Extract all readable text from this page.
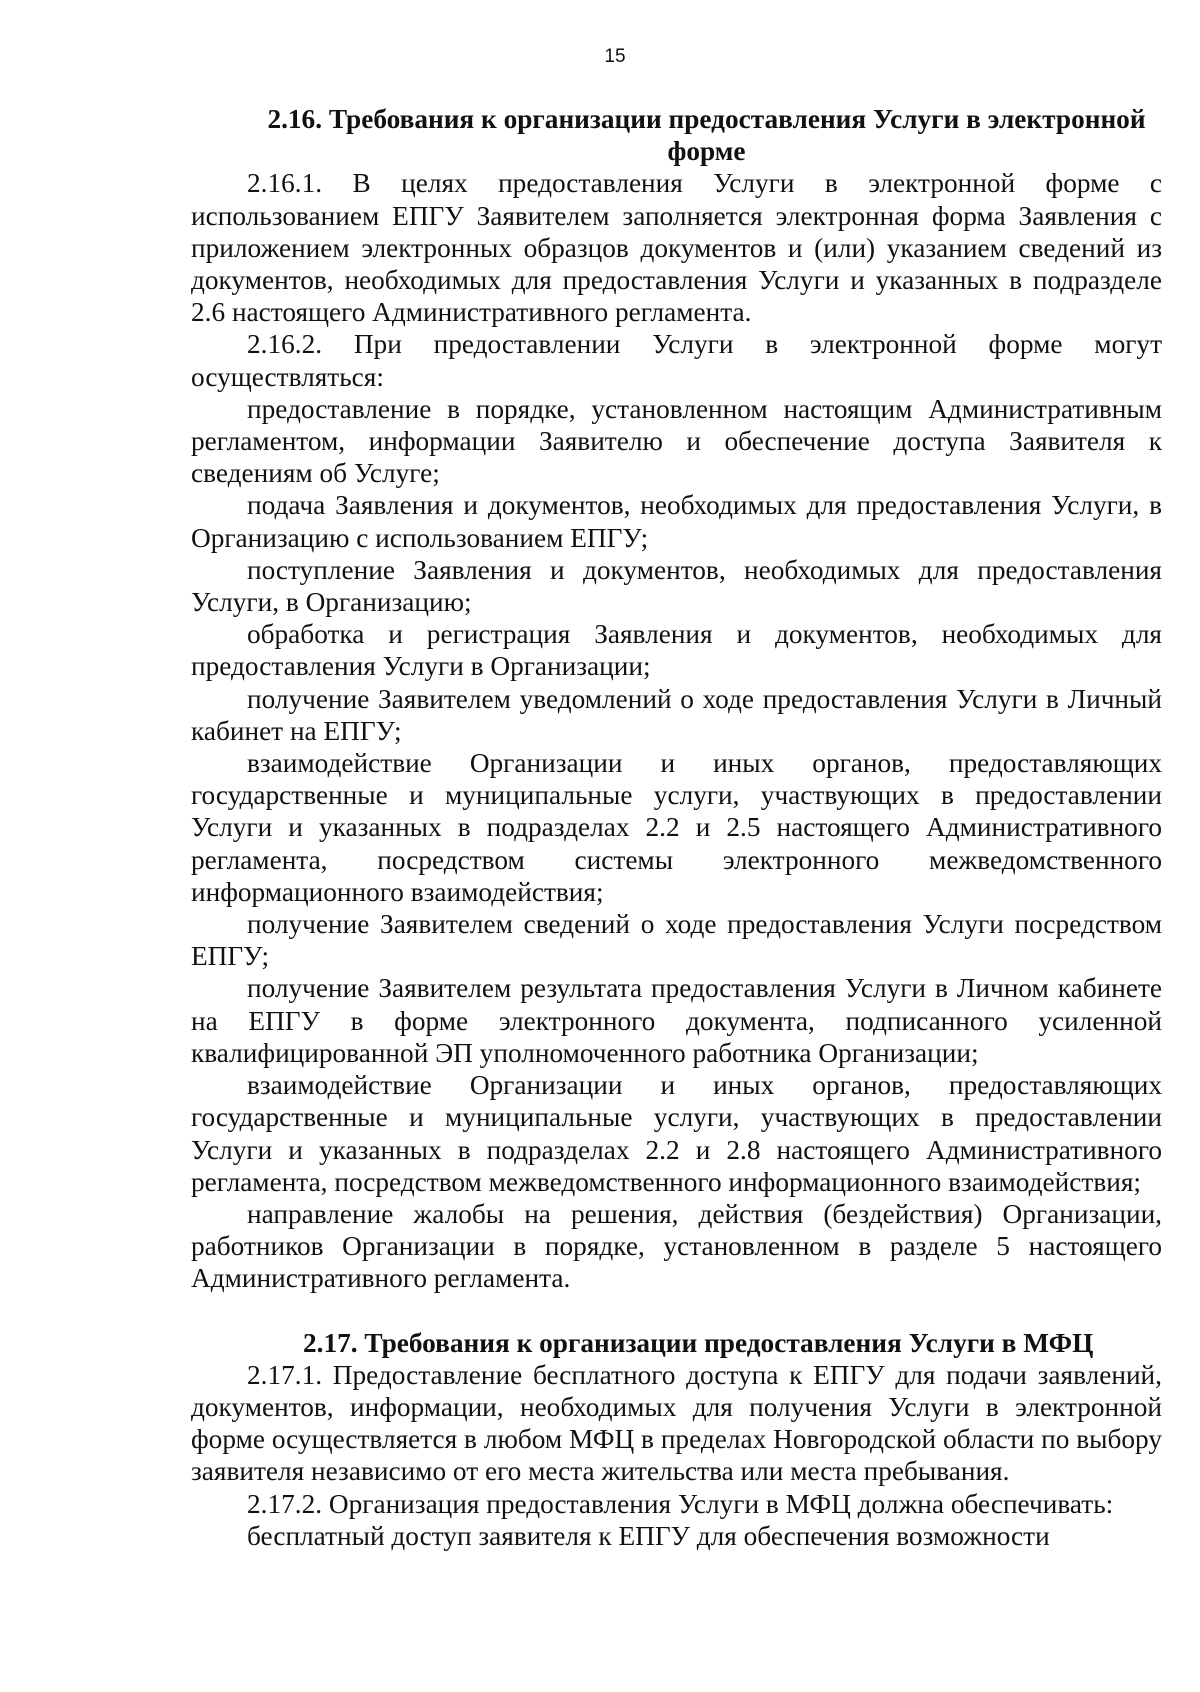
15
2.16. Требования к организации предоставления Услуги в электронной форме

2.16.1. В целях предоставления Услуги в электронной форме с использованием ЕПГУ Заявителем заполняется электронная форма Заявления с приложением электронных образцов документов и (или) указанием сведений из документов, необходимых для предоставления Услуги и указанных в подразделе 2.6 настоящего Административного регламента.

2.16.2. При предоставлении Услуги в электронной форме могут осуществляться:

предоставление в порядке, установленном настоящим Административным регламентом, информации Заявителю и обеспечение доступа Заявителя к сведениям об Услуге;

подача Заявления и документов, необходимых для предоставления Услуги, в Организацию с использованием ЕПГУ;

поступление Заявления и документов, необходимых для предоставления Услуги, в Организацию;

обработка и регистрация Заявления и документов, необходимых для предоставления Услуги в Организации;

получение Заявителем уведомлений о ходе предоставления Услуги в Личный кабинет на ЕПГУ;

взаимодействие Организации и иных органов, предоставляющих государственные и муниципальные услуги, участвующих в предоставлении Услуги и указанных в подразделах 2.2 и 2.5 настоящего Административного регламента, посредством системы электронного межведомственного информационного взаимодействия;

получение Заявителем сведений о ходе предоставления Услуги посредством ЕПГУ;

получение Заявителем результата предоставления Услуги в Личном кабинете на ЕПГУ в форме электронного документа, подписанного усиленной квалифицированной ЭП уполномоченного работника Организации;

взаимодействие Организации и иных органов, предоставляющих государственные и муниципальные услуги, участвующих в предоставлении Услуги и указанных в подразделах 2.2 и 2.8 настоящего Административного регламента, посредством межведомственного информационного взаимодействия;

направление жалобы на решения, действия (бездействия) Организации, работников Организации в порядке, установленном в разделе 5 настоящего Административного регламента.

2.17. Требования к организации предоставления Услуги в МФЦ

2.17.1. Предоставление бесплатного доступа к ЕПГУ для подачи заявлений, документов, информации, необходимых для получения Услуги в электронной форме осуществляется в любом МФЦ в пределах Новгородской области по выбору заявителя независимо от его места жительства или места пребывания.

2.17.2. Организация предоставления Услуги в МФЦ должна обеспечивать:

бесплатный доступ заявителя к ЕПГУ для обеспечения возможности
